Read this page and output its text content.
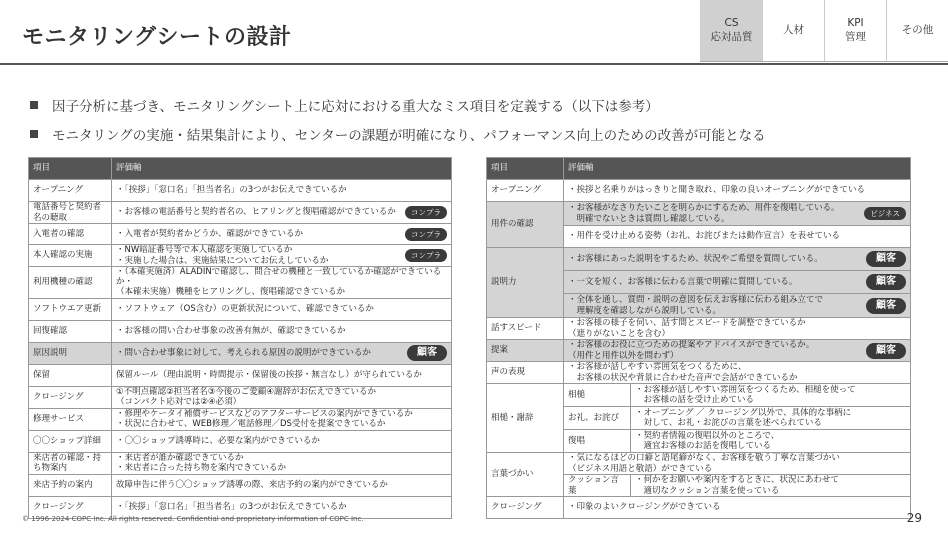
モニタリングシートの設計
CS
応対品質
人材
KPI
管理
その他
因子分析に基づき、モニタリングシート上に応対における重大なミス項目を定義する（以下は参考）
モニタリングの実施・結果集計により、センターの課題が明確になり、パフォーマンス向上のための改善が可能となる
項目	評価軸
オープニング	・「挨拶」「窓口名」「担当者名」の3つがお伝えできているか

電話番号と契約者名の聴取	・お客様の電話番号と契約者名の、ヒアリングと復唱確認ができているか コンプラ

入電者の確認	・入電者が契約者かどうか、確認ができているか コンプラ

本人確認の実施	・NW暗証番号等で本人確認を実施しているか
・実施した場合は、実施結果についてお伝えしているか コンプラ

利用機種の確認	・（本確実施済）ALADINで確認し、問合せの機種と一致しているか確認ができているか・
（本確未実施）機種をヒアリングし、復唱確認できているか

ソフトウエア更新	・ソフトウェア（OS含む）の更新状況について、確認できているか

回復確認	・お客様の問い合わせ事象の改善有無が、確認できているか

原因説明	・問い合わせ事象に対して、考えられる原因の説明ができているか 顧客

保留	保留ルール（理由説明・時間提示・保留後の挨拶・無言なし）が守られているか

クロージング	①不明点確認②担当者名③今後のご愛顧④謝辞がお伝えできているか
（コンパクト応対では②④必須）

修理サービス	・修理やケータイ補償サービスなどのアフターサービスの案内ができているか
・状況に合わせて、WEB修理／電話修理／DS受付を提案できているか

〇〇ショップ詳細	・〇〇ショップ誘導時に、必要な案内ができているか

来店者の確認・持ち物案内	・来店者が誰か確認できているか
・来店者に合った持ち物を案内できているか

来店予約の案内	故障申告に伴う〇〇ショップ誘導の際、来店予約の案内ができているか

クロージング	・「挨拶」「窓口名」「担当者名」の3つがお伝えできているか
項目	評価軸	
オープニング	・挨拶と名乗りがはっきりと聞き取れ、印象の良いオープニングができている	
用件の確認	・お客様がなさりたいことを明らかにするため、用件を復唱している。
　明確でないときは質問し確認している。 ビジネス	

	・用件を受け止める姿勢（お礼、お詫びまたは動作宣言）を表せている	
説明力	・お客様にあった説明をするため、状況やご希望を質問している。 顧客	

	・一文を短く、お客様に伝わる言葉で明確に質問している。 顧客	

	・全体を通し、質問・説明の意図を伝えお客様に伝わる組み立てで
　理解度を確認しながら説明している。 顧客	

話すスピード	・お客様の様子を伺い、話す間とスピードを調整できているか
（遮りがないことを含む）	
提案	・お客様のお役に立つための提案やアドバイスができているか。
（用件と用件以外を問わず） 顧客	

声の表現	・お客様が話しやすい雰囲気をつくるために、
　お客様の状況や背景に合わせた音声で会話ができているか	
相槌・謝辞	相槌	・お客様が話しやすい雰囲気をつくるため、相槌を使って
　お客様の話を受け止めている
	お礼、お詫び	・オープニング ／ クロージング以外で、具体的な事柄に
　対して、お礼・お詫びの言葉を述べられている
	復唱	・契約者情報の復唱以外のところで、
　適宜お客様のお話を復唱している
言葉づかい	・気になるほどの口癖と語尾癖がなく、お客様を敬う丁寧な言葉づかい
（ビジネス用語と敬語）ができている	
	クッション言葉	・何かをお願いや案内をするときに、状況にあわせて
　適切なクッション言葉を使っている
クロージング	・印象のよいクロージングができている	
© 1996-2024 COPC Inc. All rights reserved. Confidential and proprietary information of COPC Inc.	29
